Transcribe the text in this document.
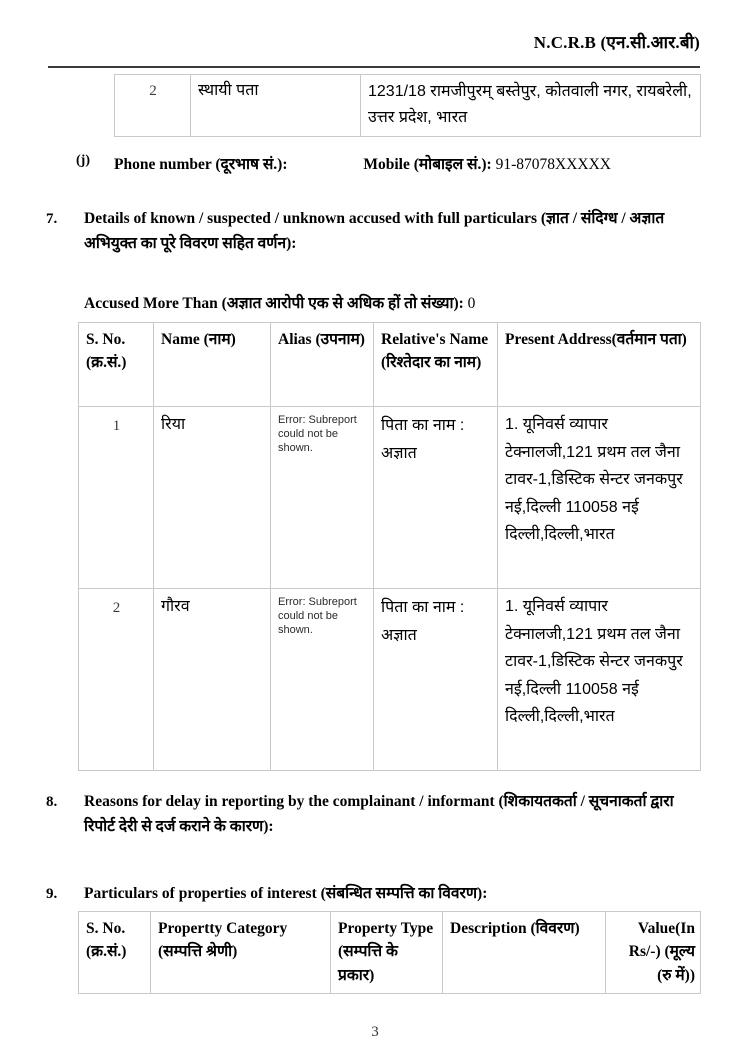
N.C.R.B (एन.सी.आर.बी)
2	स्थायी पता	1231/18 रामजीपुरम् बस्तेपुर, कोतवाली नगर, रायबरेली, उत्तर प्रदेश, भारत
(j) Phone number (दूरभाष सं.):	Mobile (मोबाइल सं.): 91-87078XXXXX
7. Details of known / suspected / unknown accused with full particulars (ज्ञात / संदिग्ध / अज्ञात अभियुक्त का पूरे विवरण सहित वर्णन):
Accused More Than (अज्ञात आरोपी एक से अधिक हों तो संख्या): 0
S. No. (क्र.सं.)	Name (नाम)	Alias (उपनाम)	Relative's Name (रिश्तेदार का नाम)	Present Address(वर्तमान पता)
1	रिया	Error: Subreport could not be shown.	पिता का नाम : अज्ञात	1. यूनिवर्स व्यापार टेक्नालजी,121 प्रथम तल जैना टावर-1,डिस्टिक सेन्टर जनकपुर नई,दिल्ली 110058 नई दिल्ली,दिल्ली,भारत
2	गौरव	Error: Subreport could not be shown.	पिता का नाम : अज्ञात	1. यूनिवर्स व्यापार टेक्नालजी,121 प्रथम तल जैना टावर-1,डिस्टिक सेन्टर जनकपुर नई,दिल्ली 110058 नई दिल्ली,दिल्ली,भारत
8. Reasons for delay in reporting by the complainant / informant (शिकायतकर्ता / सूचनाकर्ता द्वारा रिपोर्ट देरी से दर्ज कराने के कारण):
9. Particulars of properties of interest (संबन्धित सम्पत्ति का विवरण):
S. No. (क्र.सं.)	Propertty Category (सम्पत्ति श्रेणी)	Property Type (सम्पत्ति के प्रकार)	Description (विवरण)	Value(In Rs/-) (मूल्य (रु में))
3
